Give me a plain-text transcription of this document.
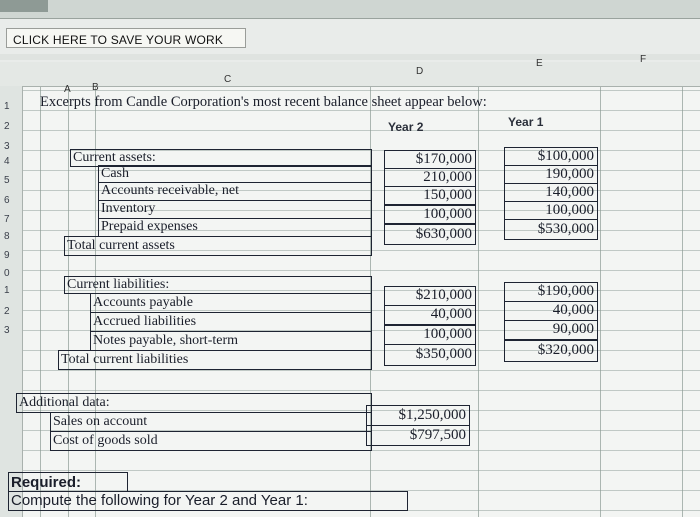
CLICK HERE TO SAVE YOUR WORK
A B
C
D
E	F
1
2
3
4
5
6
7
8
9
0
1
2
3
Excerpts from Candle Corporation's most recent balance sheet appear below:
Year 2	Year 1
Current assets:
Cash
Accounts receivable, net
Inventory
Prepaid expenses
Total current assets
$170,000
210,000
150,000
100,000
$630,000
$100,000
190,000
140,000
100,000
$530,000
Current liabilities:
Accounts payable
Accrued liabilities
Notes payable, short-term
Total current liabilities
$210,000
40,000
100,000
$350,000
$190,000
40,000
90,000
$320,000
Additional data:
Sales on account
Cost of goods sold
$1,250,000
$797,500
Required:
Compute the following for Year 2 and Year 1:
